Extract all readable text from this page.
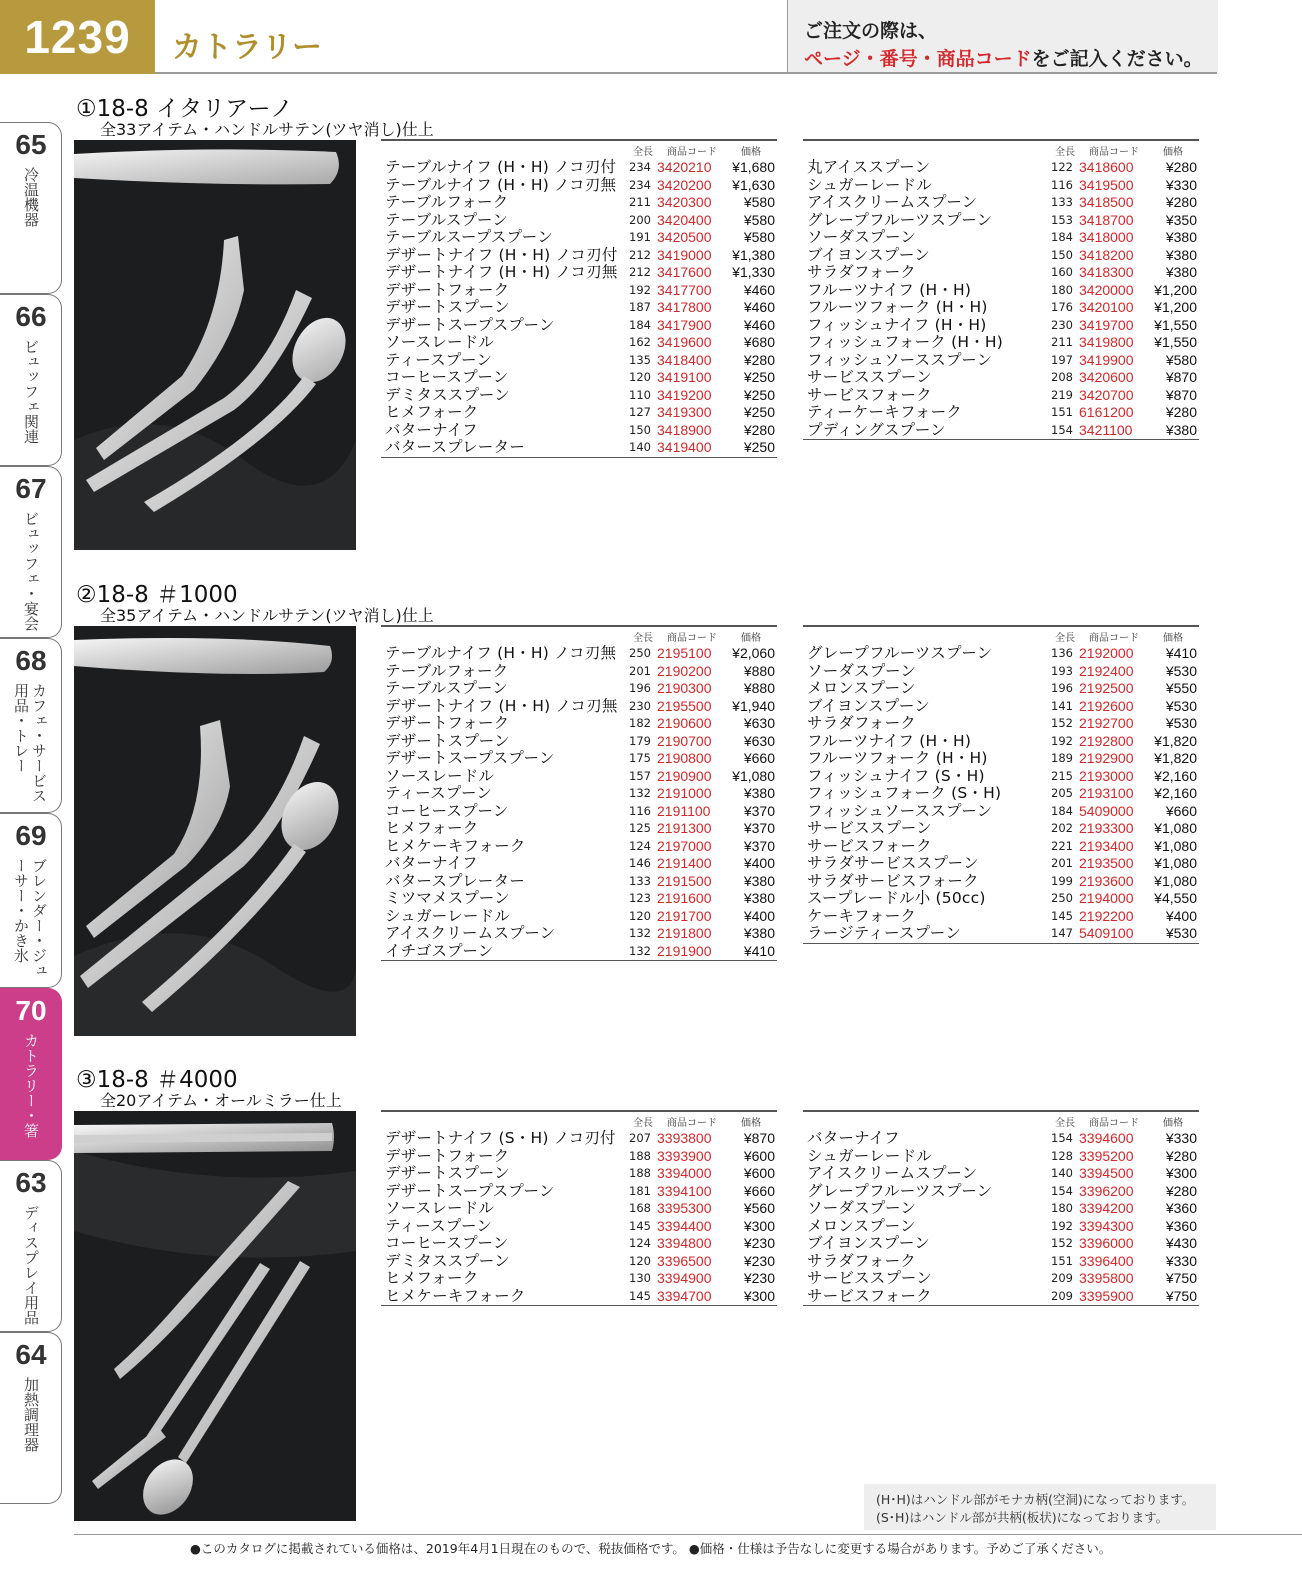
1239	カトラリー	ご注文の際は、
ページ・番号・商品コードをご記入ください。
65
冷温機器
66
ビュッフェ関連
67
ビュッフェ・宴会
68
カフェ・サービス用品・トレー
69
ブレンダー・ジューサー・かき氷
70
カトラリー・箸
63
ディスプレイ用品
64
加熱調理器
①18-8 イタリアーノ
全33アイテム・ハンドルサテン(ツヤ消し)仕上
全長 商品コード 価格
テーブルナイフ (H・H) ノコ刃付	234 3420210 ¥1,680
テーブルナイフ (H・H) ノコ刃無	234 3420200 ¥1,630
テーブルフォーク	211 3420300 ¥580
テーブルスプーン	200 3420400 ¥580
テーブルスープスプーン	191 3420500 ¥580
デザートナイフ (H・H) ノコ刃付	212 3419000 ¥1,380
デザートナイフ (H・H) ノコ刃無	212 3417600 ¥1,330
デザートフォーク	192 3417700 ¥460
デザートスプーン	187 3417800 ¥460
デザートスープスプーン	184 3417900 ¥460
ソースレードル	162 3419600 ¥680
ティースプーン	135 3418400 ¥280
コーヒースプーン	120 3419100 ¥250
デミタススプーン	110 3419200 ¥250
ヒメフォーク	127 3419300 ¥250
バターナイフ	150 3418900 ¥280
バタースプレーター	140 3419400 ¥250
全長 商品コード 価格
丸アイススプーン	122 3418600 ¥280
シュガーレードル	116 3419500 ¥330
アイスクリームスプーン	133 3418500 ¥280
グレープフルーツスプーン	153 3418700 ¥350
ソーダスプーン	184 3418000 ¥380
ブイヨンスプーン	150 3418200 ¥380
サラダフォーク	160 3418300 ¥380
フルーツナイフ (H・H)	180 3420000 ¥1,200
フルーツフォーク (H・H)	176 3420100 ¥1,200
フィッシュナイフ (H・H)	230 3419700 ¥1,550
フィッシュフォーク (H・H)	211 3419800 ¥1,550
フィッシュソーススプーン	197 3419900 ¥580
サービススプーン	208 3420600 ¥870
サービスフォーク	219 3420700 ¥870
ティーケーキフォーク	151 6161200 ¥280
プディングスプーン	154 3421100 ¥380
②18-8 ＃1000
全35アイテム・ハンドルサテン(ツヤ消し)仕上
全長 商品コード 価格
テーブルナイフ (H・H) ノコ刃無	250 2195100 ¥2,060
テーブルフォーク	201 2190200 ¥880
テーブルスプーン	196 2190300 ¥880
デザートナイフ (H・H) ノコ刃無	230 2195500 ¥1,940
デザートフォーク	182 2190600 ¥630
デザートスプーン	179 2190700 ¥630
デザートスープスプーン	175 2190800 ¥660
ソースレードル	157 2190900 ¥1,080
ティースプーン	132 2191000 ¥380
コーヒースプーン	116 2191100 ¥370
ヒメフォーク	125 2191300 ¥370
ヒメケーキフォーク	124 2197000 ¥370
バターナイフ	146 2191400 ¥400
バタースプレーター	133 2191500 ¥380
ミツマメスプーン	123 2191600 ¥380
シュガーレードル	120 2191700 ¥400
アイスクリームスプーン	132 2191800 ¥380
イチゴスプーン	132 2191900 ¥410
全長 商品コード 価格
グレープフルーツスプーン	136 2192000 ¥410
ソーダスプーン	193 2192400 ¥530
メロンスプーン	196 2192500 ¥550
ブイヨンスプーン	141 2192600 ¥530
サラダフォーク	152 2192700 ¥530
フルーツナイフ (H・H)	192 2192800 ¥1,820
フルーツフォーク (H・H)	189 2192900 ¥1,820
フィッシュナイフ (S・H)	215 2193000 ¥2,160
フィッシュフォーク (S・H)	205 2193100 ¥2,160
フィッシュソーススプーン	184 5409000 ¥660
サービススプーン	202 2193300 ¥1,080
サービスフォーク	221 2193400 ¥1,080
サラダサービススプーン	201 2193500 ¥1,080
サラダサービスフォーク	199 2193600 ¥1,080
スープレードル小 (50cc)	250 2194000 ¥4,550
ケーキフォーク	145 2192200 ¥400
ラージティースプーン	147 5409100 ¥530
③18-8 ＃4000
全20アイテム・オールミラー仕上
全長 商品コード 価格
デザートナイフ (S・H) ノコ刃付	207 3393800 ¥870
デザートフォーク	188 3393900 ¥600
デザートスプーン	188 3394000 ¥600
デザートスープスプーン	181 3394100 ¥660
ソースレードル	168 3395300 ¥560
ティースプーン	145 3394400 ¥300
コーヒースプーン	124 3394800 ¥230
デミタススプーン	120 3396500 ¥230
ヒメフォーク	130 3394900 ¥230
ヒメケーキフォーク	145 3394700 ¥300
全長 商品コード 価格
バターナイフ	154 3394600 ¥330
シュガーレードル	128 3395200 ¥280
アイスクリームスプーン	140 3394500 ¥300
グレープフルーツスプーン	154 3396200 ¥280
ソーダスプーン	180 3394200 ¥360
メロンスプーン	192 3394300 ¥360
ブイヨンスプーン	152 3396000 ¥430
サラダフォーク	151 3396400 ¥330
サービススプーン	209 3395800 ¥750
サービスフォーク	209 3395900 ¥750
(H･H)はハンドル部がモナカ柄(空洞)になっております。
(S･H)はハンドル部が共柄(板状)になっております。
●このカタログに掲載されている価格は、2019年4月1日現在のもので、税抜価格です。 ●価格・仕様は予告なしに変更する場合があります。予めご了承ください。
